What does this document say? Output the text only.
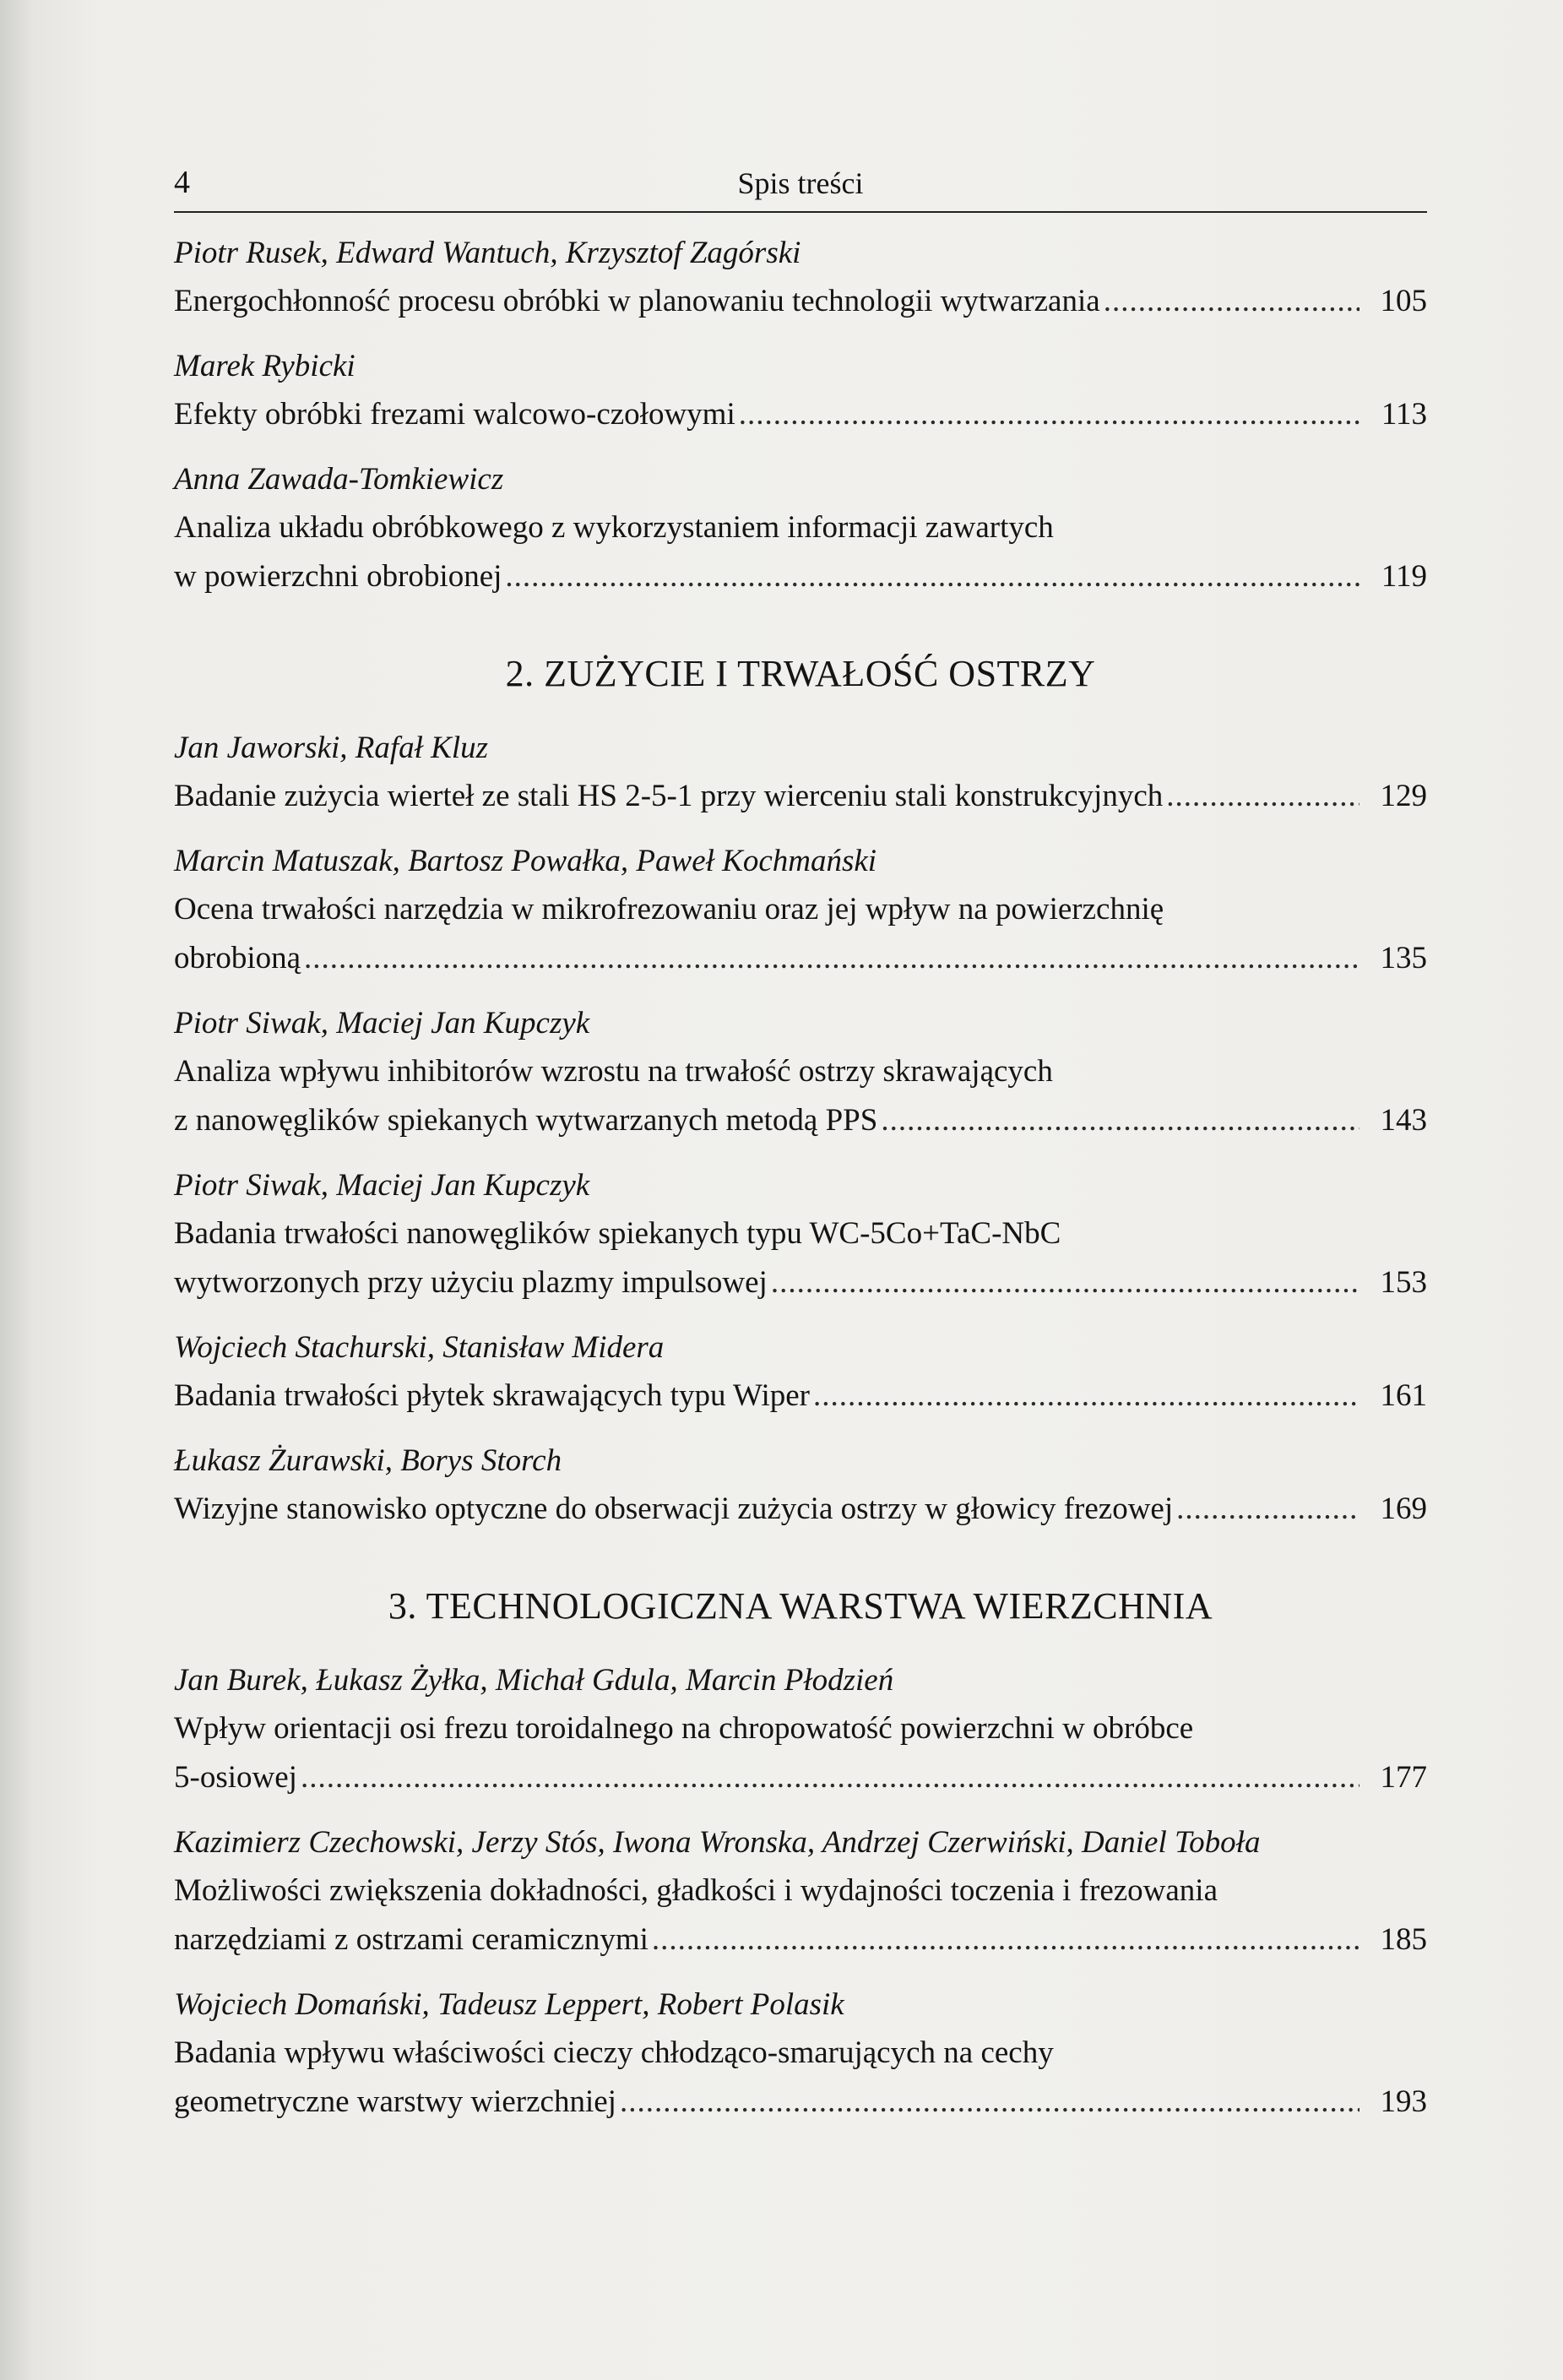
4	Spis treści
Piotr Rusek, Edward Wantuch, Krzysztof Zagórski
Energochłonność procesu obróbki w planowaniu technologii wytwarzania .....	105
Marek Rybicki
Efekty obróbki frezami walcowo-czołowymi .....	113
Anna Zawada-Tomkiewicz
Analiza układu obróbkowego z wykorzystaniem informacji zawartych
w powierzchni obrobionej .....	119
2. ZUŻYCIE I TRWAŁOŚĆ OSTRZY
Jan Jaworski, Rafał Kluz
Badanie zużycia wierteł ze stali HS 2-5-1 przy wierceniu stali konstrukcyjnych .....	129
Marcin Matuszak, Bartosz Powałka, Paweł Kochmański
Ocena trwałości narzędzia w mikrofrezowaniu oraz jej wpływ na powierzchnię
obrobioną .....	135
Piotr Siwak, Maciej Jan Kupczyk
Analiza wpływu inhibitorów wzrostu na trwałość ostrzy skrawających
z nanowęglików spiekanych wytwarzanych metodą PPS .....	143
Piotr Siwak, Maciej Jan Kupczyk
Badania trwałości nanowęglików spiekanych typu WC-5Co+TaC-NbC
wytworzonych przy użyciu plazmy impulsowej .....	153
Wojciech Stachurski, Stanisław Midera
Badania trwałości płytek skrawających typu Wiper .....	161
Łukasz Żurawski, Borys Storch
Wizyjne stanowisko optyczne do obserwacji zużycia ostrzy w głowicy frezowej .....	169
3. TECHNOLOGICZNA WARSTWA WIERZCHNIA
Jan Burek, Łukasz Żyłka, Michał Gdula, Marcin Płodzień
Wpływ orientacji osi frezu toroidalnego na chropowatość powierzchni w obróbce
5-osiowej .....	177
Kazimierz Czechowski, Jerzy Stós, Iwona Wronska, Andrzej Czerwiński, Daniel Toboła
Możliwości zwiększenia dokładności, gładkości i wydajności toczenia i frezowania
narzędziami z ostrzami ceramicznymi .....	185
Wojciech Domański, Tadeusz Leppert, Robert Polasik
Badania wpływu właściwości cieczy chłodząco-smarujących na cechy
geometryczne warstwy wierzchniej .....	193
